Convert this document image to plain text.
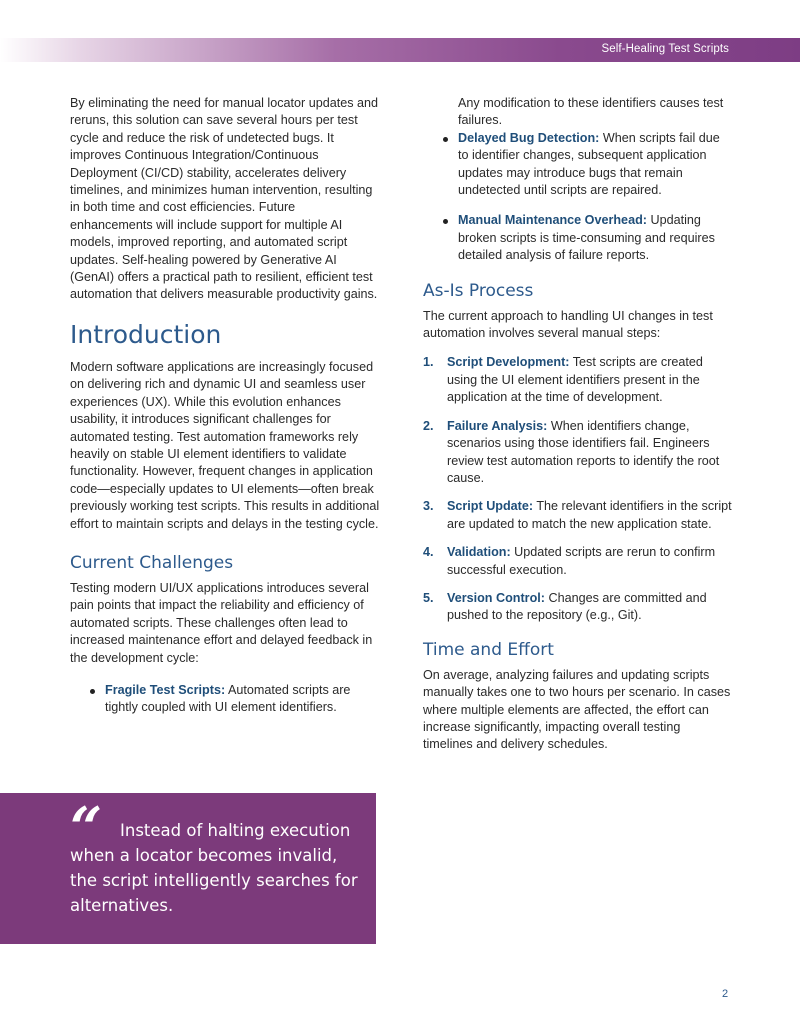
Self-Healing Test Scripts

By eliminating the need for manual locator updates and reruns, this solution can save several hours per test cycle and reduce the risk of undetected bugs. It improves Continuous Integration/Continuous Deployment (CI/CD) stability, accelerates delivery timelines, and minimizes human intervention, resulting in both time and cost efficiencies. Future enhancements will include support for multiple AI models, improved reporting, and automated script updates. Self-healing powered by Generative AI (GenAI) offers a practical path to resilient, efficient test automation that delivers measurable productivity gains.

Introduction

Modern software applications are increasingly focused on delivering rich and dynamic UI and seamless user experiences (UX). While this evolution enhances usability, it introduces significant challenges for automated testing. Test automation frameworks rely heavily on stable UI element identifiers to validate functionality. However, frequent changes in application code—especially updates to UI elements—often break previously working test scripts. This results in additional effort to maintain scripts and delays in the testing cycle.

Current Challenges

Testing modern UI/UX applications introduces several pain points that impact the reliability and efficiency of automated scripts. These challenges often lead to increased maintenance effort and delayed feedback in the development cycle:

Fragile Test Scripts: Automated scripts are tightly coupled with UI element identifiers.

Any modification to these identifiers causes test failures.

Delayed Bug Detection: When scripts fail due to identifier changes, subsequent application updates may introduce bugs that remain undetected until scripts are repaired.
Manual Maintenance Overhead: Updating broken scripts is time-consuming and requires detailed analysis of failure reports.
As-Is Process

The current approach to handling UI changes in test automation involves several manual steps:

1. Script Development: Test scripts are created using the UI element identifiers present in the application at the time of development.
2. Failure Analysis: When identifiers change, scenarios using those identifiers fail. Engineers review test automation reports to identify the root cause.
3. Script Update: The relevant identifiers in the script are updated to match the new application state.
4. Validation: Updated scripts are rerun to confirm successful execution.
5. Version Control: Changes are committed and pushed to the repository (e.g., Git).
Time and Effort

On average, analyzing failures and updating scripts manually takes one to two hours per scenario. In cases where multiple elements are affected, the effort can increase significantly, impacting overall testing timelines and delivery schedules.

“	Instead of halting execution when a locator becomes invalid, the script intelligently searches for alternatives.
2
